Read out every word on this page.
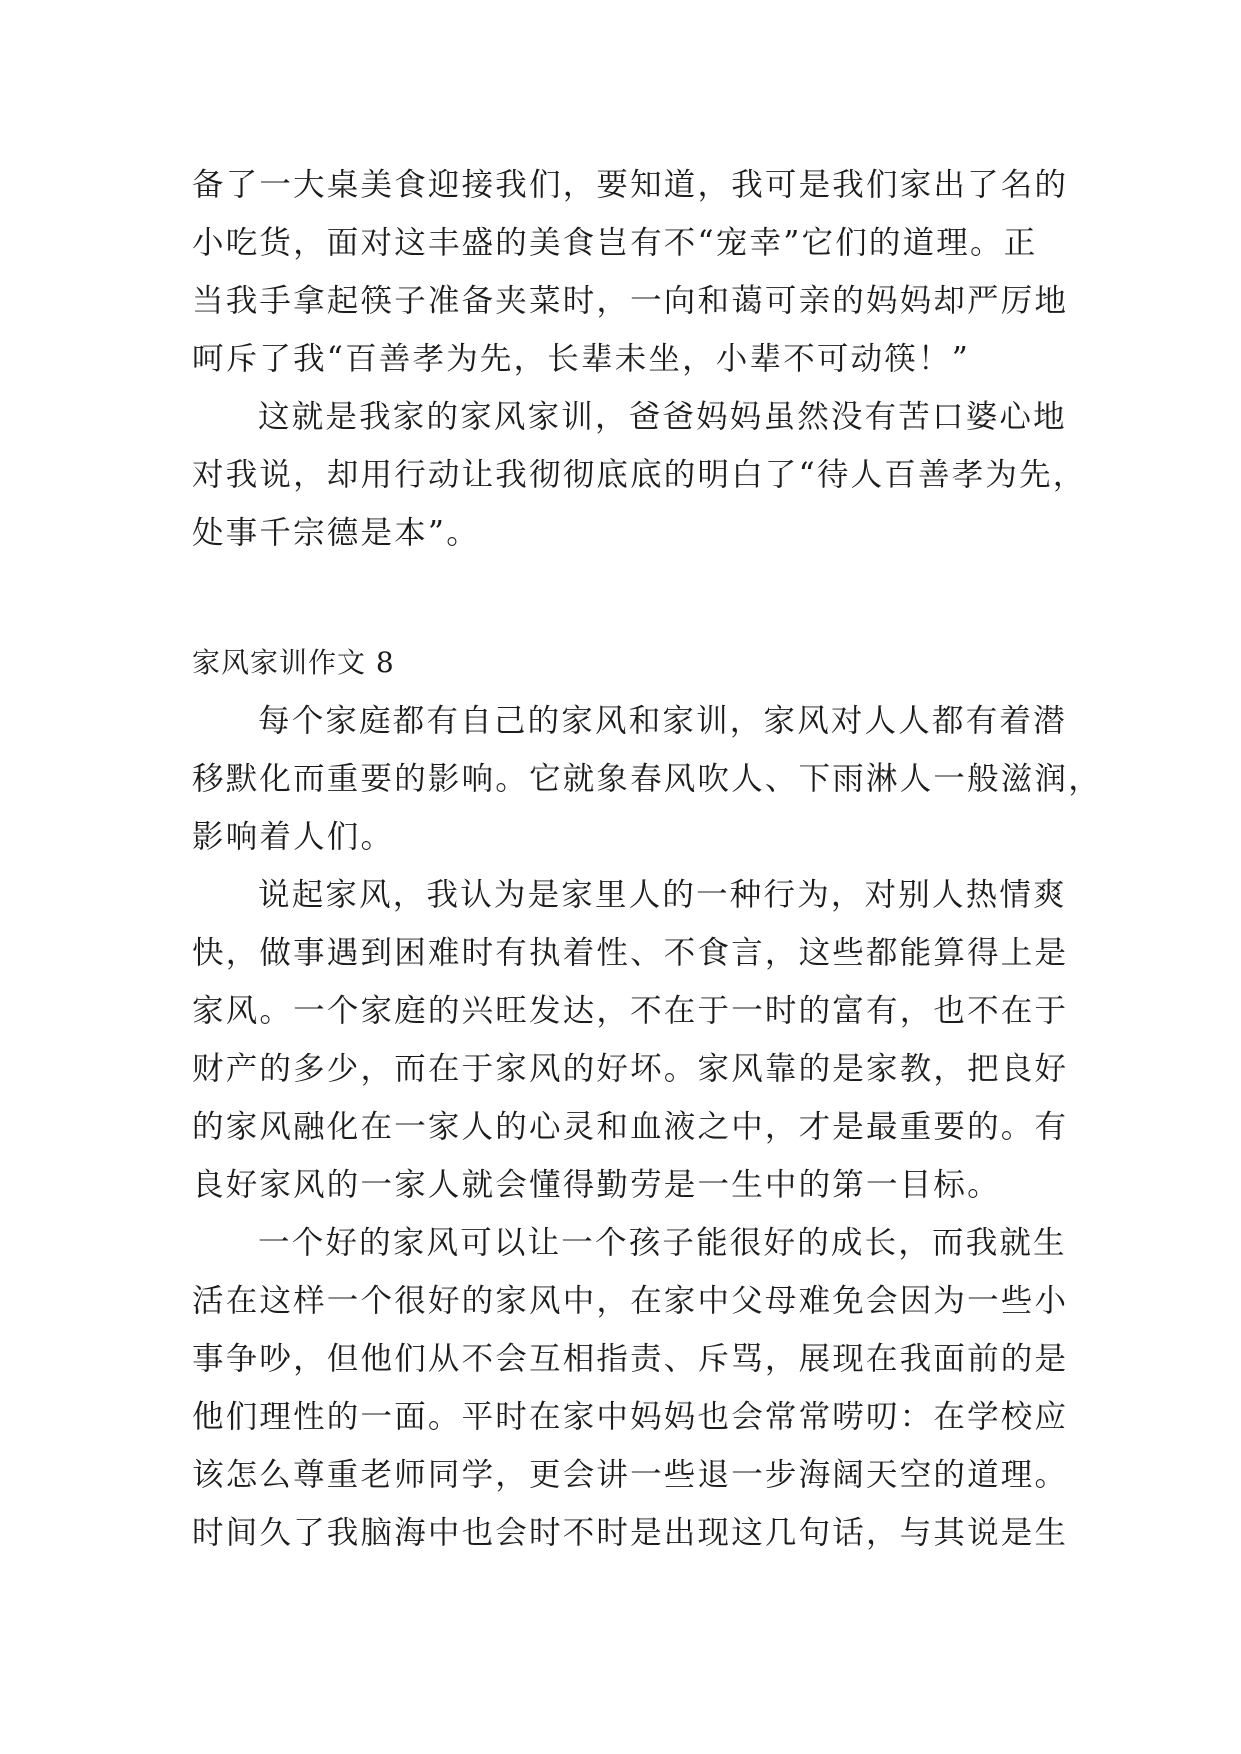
备了一大桌美食迎接我们，要知道，我可是我们家出了名的
小吃货，面对这丰盛的美食岂有不“宠幸”它们的道理。正
当我手拿起筷子准备夹菜时，一向和蔼可亲的妈妈却严厉地
呵斥了我“百善孝为先，长辈未坐，小辈不可动筷！”
这就是我家的家风家训，爸爸妈妈虽然没有苦口婆心地
对我说，却用行动让我彻彻底底的明白了“待人百善孝为先，
处事千宗德是本”。
家风家训作文 8
每个家庭都有自己的家风和家训，家风对人人都有着潜
移默化而重要的影响。它就象春风吹人、下雨淋人一般滋润，
影响着人们。
说起家风，我认为是家里人的一种行为，对别人热情爽
快，做事遇到困难时有执着性、不食言，这些都能算得上是
家风。一个家庭的兴旺发达，不在于一时的富有，也不在于
财产的多少，而在于家风的好坏。家风靠的是家教，把良好
的家风融化在一家人的心灵和血液之中，才是最重要的。有
良好家风的一家人就会懂得勤劳是一生中的第一目标。
一个好的家风可以让一个孩子能很好的成长，而我就生
活在这样一个很好的家风中，在家中父母难免会因为一些小
事争吵，但他们从不会互相指责、斥骂，展现在我面前的是
他们理性的一面。平时在家中妈妈也会常常唠叨：在学校应
该怎么尊重老师同学，更会讲一些退一步海阔天空的道理。
时间久了我脑海中也会时不时是出现这几句话，与其说是生
